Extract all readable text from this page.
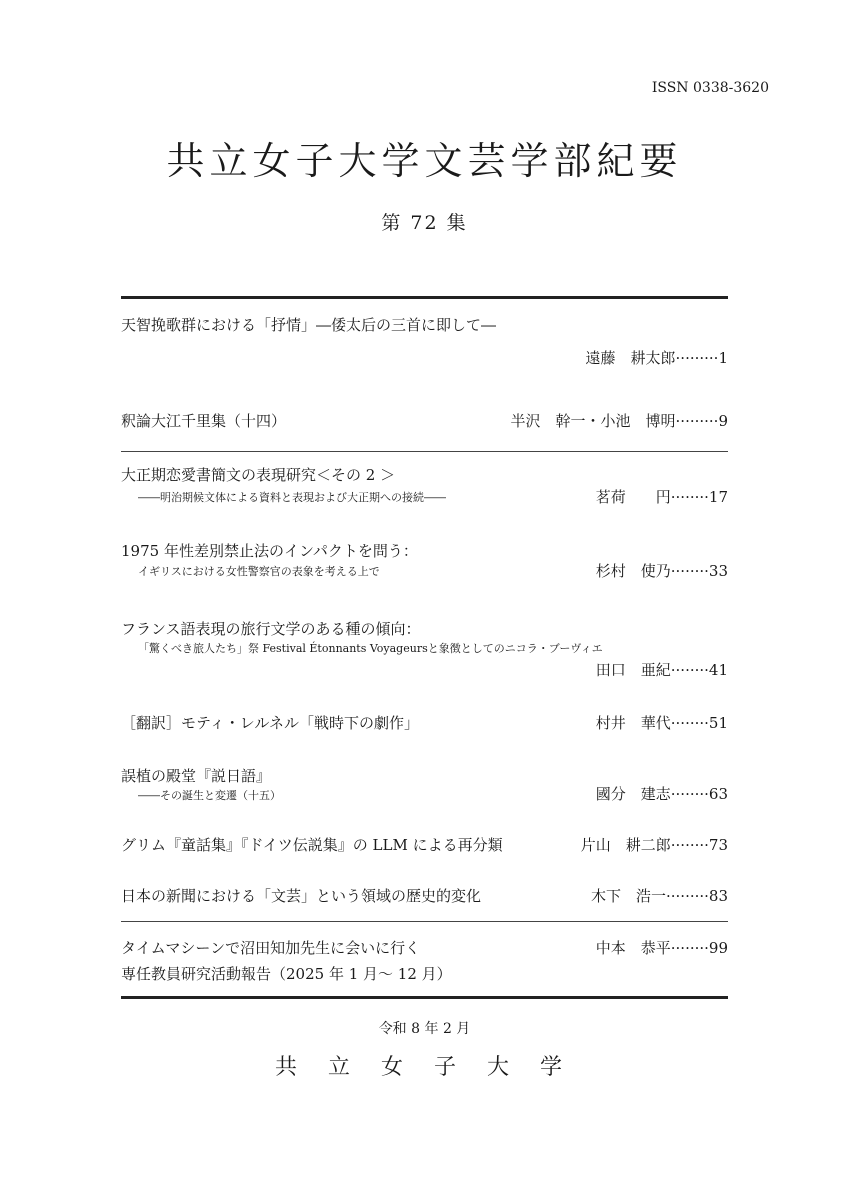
ISSN 0338-3620
共立女子大学文芸学部紀要
第 72 集
天智挽歌群における「抒情」―倭太后の三首に即して―
遠藤　耕太郎·········1
釈論大江千里集（十四）	半沢　幹一・小池　博明·········9
大正期恋愛書簡文の表現研究＜その 2 ＞
――明治期候文体による資料と表現および大正期への接続――	茗荷　　円········17
1975 年性差別禁止法のインパクトを問う：
イギリスにおける女性警察官の表象を考える上で	杉村　使乃········33
フランス語表現の旅行文学のある種の傾向：
「驚くべき旅人たち」祭 Festival Étonnants Voyageursと象徴としてのニコラ・ブーヴィエ
田口　亜紀········41
［翻訳］モティ・レルネル「戦時下の劇作」	村井　華代········51
誤植の殿堂『説日語』
――その誕生と変遷（十五）	國分　建志········63
グリム『童話集』『ドイツ伝説集』の LLM による再分類	片山　耕二郎········73
日本の新聞における「文芸」という領域の歴史的変化	木下　浩一·········83
タイムマシーンで沼田知加先生に会いに行く	中本　恭平········99
専任教員研究活動報告（2025 年 1 月～ 12 月）
令和 8 年 2 月
共 立 女 子 大 学
